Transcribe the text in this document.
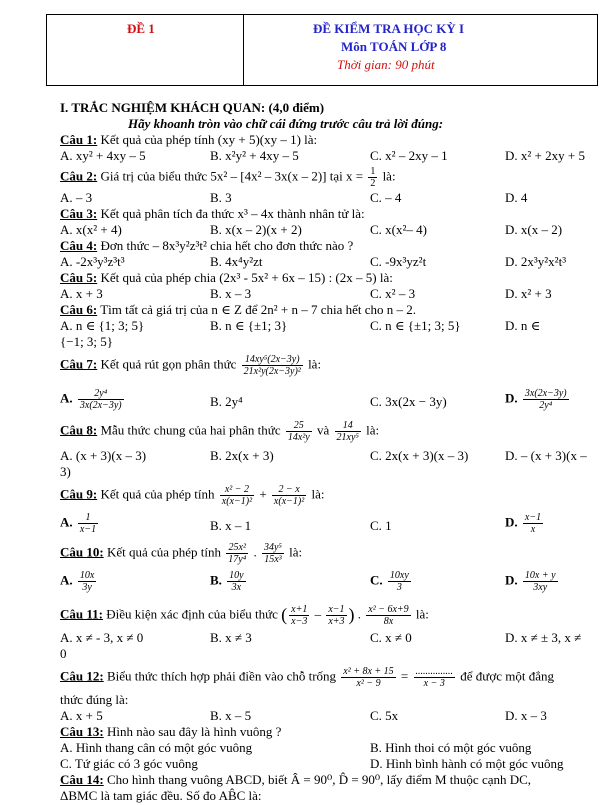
ĐỀ 1	ĐỀ KIỂM TRA HỌC KỲ I
Môn TOÁN LỚP 8
Thời gian: 90 phút
I. TRẮC NGHIỆM KHÁCH QUAN: (4,0 điểm)
Hãy khoanh tròn vào chữ cái đứng trước câu trả lời đúng:
Câu 1: Kết quả của phép tính (xy + 5)(xy – 1) là:
A. xy² + 4xy – 5	B. x²y² + 4xy – 5	C. x² – 2xy – 1	D. x² + 2xy + 5
Câu 2: Giá trị của biểu thức 5x² – [4x² – 3x(x – 2)] tại $x = \frac{1}{2}$ là:
A. – 3	B. 3	C. – 4	D. 4
Câu 3: Kết quả phân tích đa thức x³ – 4x thành nhân tử là:
A. x(x² + 4)	B. x(x – 2)(x + 2)	C. x(x²– 4)	D. x(x – 2)
Câu 4: Đơn thức – 8x³y²z³t² chia hết cho đơn thức nào ?
A. -2x³y³z³t³	B. 4x⁴y²zt	C. -9x³yz²t	D. 2x³y²x²t³
Câu 5: Kết quả của phép chia (2x³ - 5x² + 6x – 15) : (2x – 5) là:
A. x + 3	B. x – 3	C. x² – 3	D. x² + 3
Câu 6: Tìm tất cả giá trị của n ∈ Z để 2n² + n – 7 chia hết cho n – 2.
A. n ∈ {1; 3; 5}	B. n ∈ {±1; 3}	C. n ∈ {±1; 3; 5}	D. n ∈
{−1; 3; 5}
Câu 7: Kết quả rút gọn phân thức $\frac{\text{14xy⁵(2x−3y)}}{\text{21x²y(2x−3y)²}}$ là:
A. $\frac{\text{2y⁴}}{3x(2x-3y)}$	B. 2y⁴	C. 3x(2x − 3y)	D. $\frac{3x(2x-3y)}{\text{2y⁴}}$
Câu 8: Mẫu thức chung của hai phân thức $\frac{25}{\text{14x²y}}$ và $\frac{14}{\text{21xy⁵}}$ là:
A. (x + 3)(x – 3)	B. 2x(x + 3)	C. 2x(x + 3)(x – 3)	D. – (x + 3)(x –
3)
Câu 9: Kết quả của phép tính $\frac{\text{x² − 2}}{\text{x(x−1)²}} + \frac{2 - x}{\text{x(x−1)²}}$ là:
A. $\frac{1}{x-1}$	B. x – 1	C. 1	D. $\frac{x-1}{x}$
Câu 10: Kết quả của phép tính $\frac{\text{25x²}}{\text{17y⁴}}$ . $\frac{\text{34y⁵}}{\text{15x³}}$ là:
A. $\frac{10x}{3y}$	B. $\frac{10y}{3x}$	C. $\frac{10xy}{3}$	D. $\frac{10x + y}{3xy}$
Câu 11: Điều kiện xác định của biểu thức ( $\frac{x+1}{x-3} - \frac{x-1}{x+3}$ ) . $\frac{\text{x² − 6x+9}}{8x}$ là:
A. x ≠ - 3, x ≠ 0	B. x ≠ 3	C. x ≠ 0	D. x ≠ ± 3, x ≠
0
Câu 12: Biểu thức thích hợp phải điền vào chỗ trống $\frac{\text{x² + 8x + 15}}{\text{x² − 9}} = \frac{...............}{x - 3}$ để được một đẳng
thức đúng là:
A. x + 5	B. x – 5	C. 5x	D. x – 3
Câu 13: Hình nào sau đây là hình vuông ?
A. Hình thang cân có một góc vuông	B. Hình thoi có một góc vuông
C. Tứ giác có 3 góc vuông	D. Hình bình hành có một góc vuông
Câu 14: Cho hình thang vuông ABCD, biết Â = 90⁰, D̂ = 90⁰, lấy điểm M thuộc cạnh DC,
ΔBMC là tam giác đều. Số đo AB̂C là:
